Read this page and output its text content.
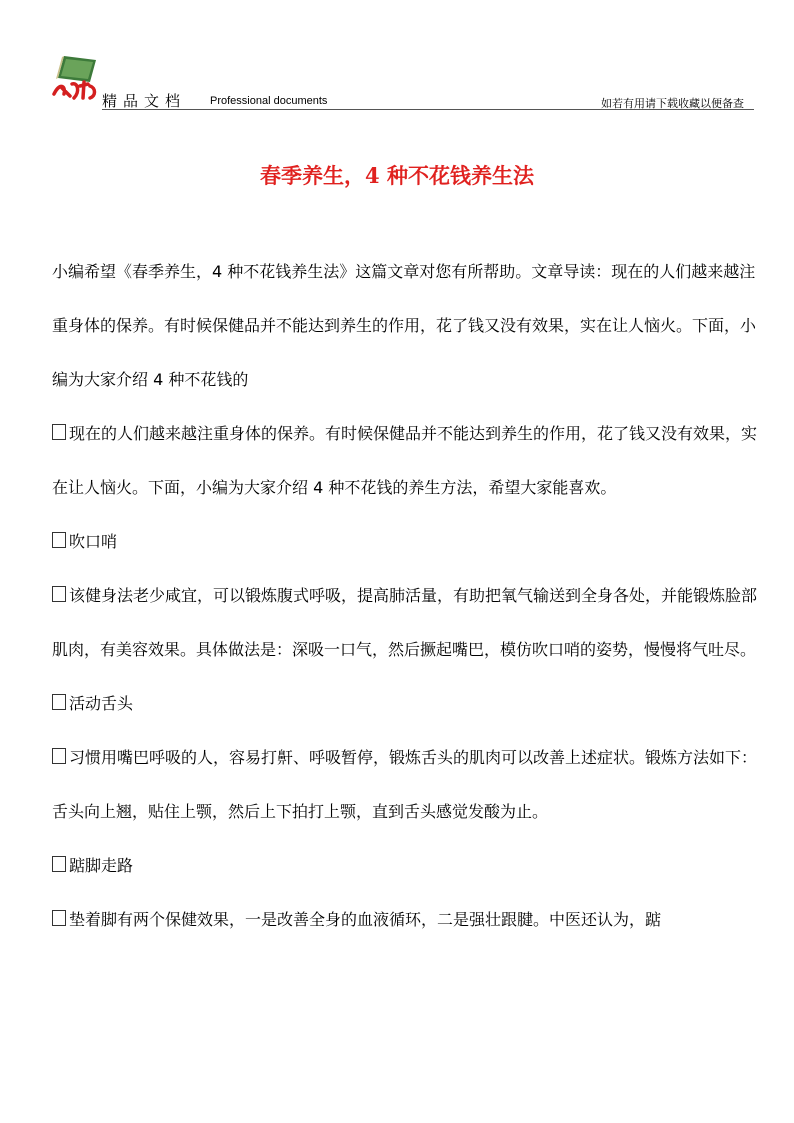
精品文档 Professional documents	如若有用请下载收藏以便备查
春季养生，4 种不花钱养生法

小编希望《春季养生，4 种不花钱养生法》这篇文章对您有所帮助。文章导读：现在的人们越来越注重身体的保养。有时候保健品并不能达到养生的作用，花了钱又没有效果，实在让人恼火。下面，小编为大家介绍 4 种不花钱的

现在的人们越来越注重身体的保养。有时候保健品并不能达到养生的作用，花了钱又没有效果，实在让人恼火。下面，小编为大家介绍 4 种不花钱的养生方法，希望大家能喜欢。

吹口哨

该健身法老少咸宜，可以锻炼腹式呼吸，提高肺活量，有助把氧气输送到全身各处，并能锻炼脸部肌肉，有美容效果。具体做法是：深吸一口气，然后撅起嘴巴，模仿吹口哨的姿势，慢慢将气吐尽。

活动舌头

习惯用嘴巴呼吸的人，容易打鼾、呼吸暂停，锻炼舌头的肌肉可以改善上述症状。锻炼方法如下：舌头向上翘，贴住上颚，然后上下拍打上颚，直到舌头感觉发酸为止。

踮脚走路

垫着脚有两个保健效果，一是改善全身的血液循环，二是强壮跟腱。中医还认为，踮
